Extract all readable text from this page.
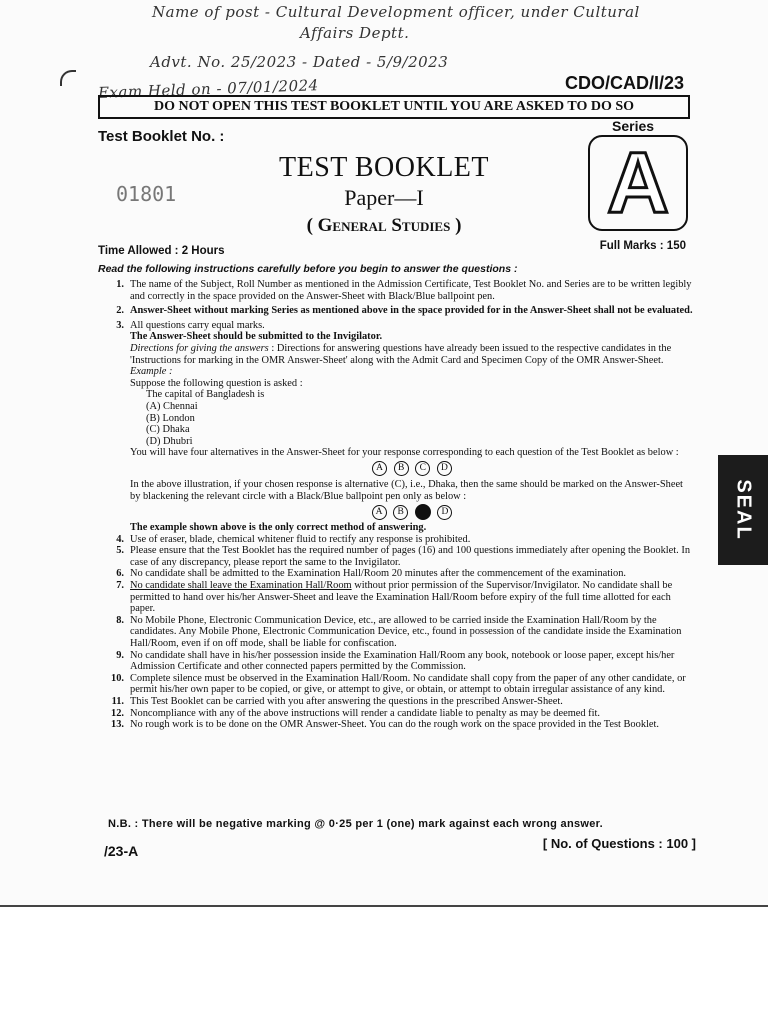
Name of post - Cultural Development officer, under Cultural
Affairs Deptt.
Advt. No. 25/2023 - Dated - 5/9/2023
Exam Held on - 07/01/2024	CDO/CAD/I/23
DO NOT OPEN THIS TEST BOOKLET UNTIL YOU ARE ASKED TO DO SO
Test Booklet No. :
01801
Series
A
TEST BOOKLET
Paper—I
( General Studies )
Time Allowed : 2 Hours	Full Marks : 150
Read the following instructions carefully before you begin to answer the questions :
1. The name of the Subject, Roll Number as mentioned in the Admission Certificate, Test Booklet No. and Series are to be written legibly and correctly in the space provided on the Answer-Sheet with Black/Blue ballpoint pen.
2. Answer-Sheet without marking Series as mentioned above in the space provided for in the Answer-Sheet shall not be evaluated.
3. All questions carry equal marks.
The Answer-Sheet should be submitted to the Invigilator.
Directions for giving the answers : Directions for answering questions have already been issued to the respective candidates in the 'Instructions for marking in the OMR Answer-Sheet' along with the Admit Card and Specimen Copy of the OMR Answer-Sheet.
Example :
Suppose the following question is asked :
The capital of Bangladesh is
(A) Chennai
(B) London
(C) Dhaka
(D) Dhubri
You will have four alternatives in the Answer-Sheet for your response corresponding to each question of the Test Booklet as below :
A B C D
In the above illustration, if your chosen response is alternative (C), i.e., Dhaka, then the same should be marked on the Answer-Sheet by blackening the relevant circle with a Black/Blue ballpoint pen only as below :
A B	D
The example shown above is the only correct method of answering.
4. Use of eraser, blade, chemical whitener fluid to rectify any response is prohibited.
5. Please ensure that the Test Booklet has the required number of pages (16) and 100 questions immediately after opening the Booklet. In case of any discrepancy, please report the same to the Invigilator.
6. No candidate shall be admitted to the Examination Hall/Room 20 minutes after the commencement of the examination.
7. No candidate shall leave the Examination Hall/Room without prior permission of the Supervisor/Invigilator. No candidate shall be permitted to hand over his/her Answer-Sheet and leave the Examination Hall/Room before expiry of the full time allotted for each paper.
8. No Mobile Phone, Electronic Communication Device, etc., are allowed to be carried inside the Examination Hall/Room by the candidates. Any Mobile Phone, Electronic Communication Device, etc., found in possession of the candidate inside the Examination Hall/Room, even if on off mode, shall be liable for confiscation.
9. No candidate shall have in his/her possession inside the Examination Hall/Room any book, notebook or loose paper, except his/her Admission Certificate and other connected papers permitted by the Commission.
10. Complete silence must be observed in the Examination Hall/Room. No candidate shall copy from the paper of any other candidate, or permit his/her own paper to be copied, or give, or attempt to give, or obtain, or attempt to obtain irregular assistance of any kind.
11. This Test Booklet can be carried with you after answering the questions in the prescribed Answer-Sheet.
12. Noncompliance with any of the above instructions will render a candidate liable to penalty as may be deemed fit.
13. No rough work is to be done on the OMR Answer-Sheet. You can do the rough work on the space provided in the Test Booklet.
N.B. : There will be negative marking @ 0·25 per 1 (one) mark against each wrong answer.
/23-A	[ No. of Questions : 100 ]
SEAL
